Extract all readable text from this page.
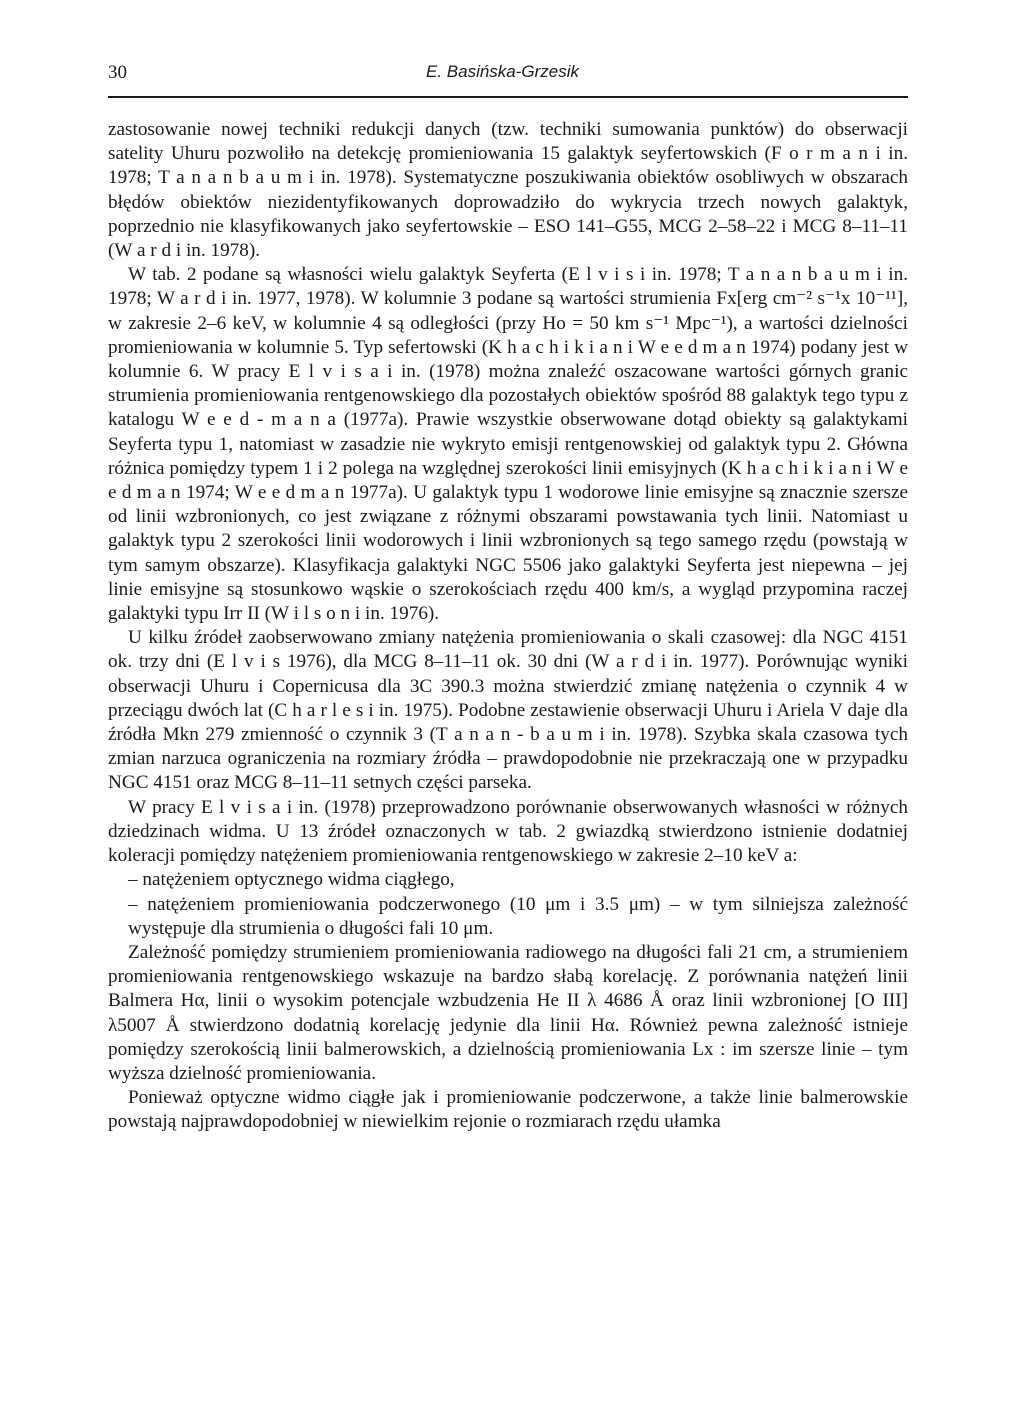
30	E. Basińska-Grzesik

zastosowanie nowej techniki redukcji danych (tzw. techniki sumowania punktów) do obserwacji satelity Uhuru pozwoliło na detekcję promieniowania 15 galaktyk seyfertowskich (F o r m a n i in. 1978; T a n a n b a u m i in. 1978). Systematyczne poszukiwania obiektów osobliwych w obszarach błędów obiektów niezidentyfikowanych doprowadziło do wykrycia trzech nowych galaktyk, poprzednio nie klasyfikowanych jako seyfertowskie – ESO 141–G55, MCG 2–58–22 i MCG 8–11–11 (W a r d i in. 1978).

W tab. 2 podane są własności wielu galaktyk Seyferta (E l v i s i in. 1978; T a n a n b a u m i in. 1978; W a r d i in. 1977, 1978). W kolumnie 3 podane są wartości strumienia Fx[erg cm⁻² s⁻¹x 10⁻¹¹], w zakresie 2–6 keV, w kolumnie 4 są odległości (przy Ho = 50 km s⁻¹ Mpc⁻¹), a wartości dzielności promieniowania w kolumnie 5. Typ sefertowski (K h a c h i k i a n i W e e d m a n 1974) podany jest w kolumnie 6. W pracy E l v i s a i in. (1978) można znaleźć oszacowane wartości górnych granic strumienia promieniowania rentgenowskiego dla pozostałych obiektów spośród 88 galaktyk tego typu z katalogu W e e d - m a n a (1977a). Prawie wszystkie obserwowane dotąd obiekty są galaktykami Seyferta typu 1, natomiast w zasadzie nie wykryto emisji rentgenowskiej od galaktyk typu 2. Główna różnica pomiędzy typem 1 i 2 polega na względnej szerokości linii emisyjnych (K h a c h i k i a n i W e e d m a n 1974; W e e d m a n 1977a). U galaktyk typu 1 wodorowe linie emisyjne są znacznie szersze od linii wzbronionych, co jest związane z różnymi obszarami powstawania tych linii. Natomiast u galaktyk typu 2 szerokości linii wodorowych i linii wzbronionych są tego samego rzędu (powstają w tym samym obszarze). Klasyfikacja galaktyki NGC 5506 jako galaktyki Seyferta jest niepewna – jej linie emisyjne są stosunkowo wąskie o szerokościach rzędu 400 km/s, a wygląd przypomina raczej galaktyki typu Irr II (W i l s o n i in. 1976).

U kilku źródeł zaobserwowano zmiany natężenia promieniowania o skali czasowej: dla NGC 4151 ok. trzy dni (E l v i s 1976), dla MCG 8–11–11 ok. 30 dni (W a r d i in. 1977). Porównując wyniki obserwacji Uhuru i Copernicusa dla 3C 390.3 można stwierdzić zmianę natężenia o czynnik 4 w przeciągu dwóch lat (C h a r l e s i in. 1975). Podobne zestawienie obserwacji Uhuru i Ariela V daje dla źródła Mkn 279 zmienność o czynnik 3 (T a n a n - b a u m i in. 1978). Szybka skala czasowa tych zmian narzuca ograniczenia na rozmiary źródła – prawdopodobnie nie przekraczają one w przypadku NGC 4151 oraz MCG 8–11–11 setnych części parseka.

W pracy E l v i s a i in. (1978) przeprowadzono porównanie obserwowanych własności w różnych dziedzinach widma. U 13 źródeł oznaczonych w tab. 2 gwiazdką stwierdzono istnienie dodatniej koleracji pomiędzy natężeniem promieniowania rentgenowskiego w zakresie 2–10 keV a:

– natężeniem optycznego widma ciągłego,

– natężeniem promieniowania podczerwonego (10 μm i 3.5 μm) – w tym silniejsza zależność występuje dla strumienia o długości fali 10 μm.

Zależność pomiędzy strumieniem promieniowania radiowego na długości fali 21 cm, a strumieniem promieniowania rentgenowskiego wskazuje na bardzo słabą korelację. Z porównania natężeń linii Balmera Hα, linii o wysokim potencjale wzbudzenia He II λ 4686 Å oraz linii wzbronionej [O III] λ5007 Å stwierdzono dodatnią korelację jedynie dla linii Hα. Również pewna zależność istnieje pomiędzy szerokością linii balmerowskich, a dzielnością promieniowania Lx : im szersze linie – tym wyższa dzielność promieniowania.

Ponieważ optyczne widmo ciągłe jak i promieniowanie podczerwone, a także linie balmerowskie powstają najprawdopodobniej w niewielkim rejonie o rozmiarach rzędu ułamka
